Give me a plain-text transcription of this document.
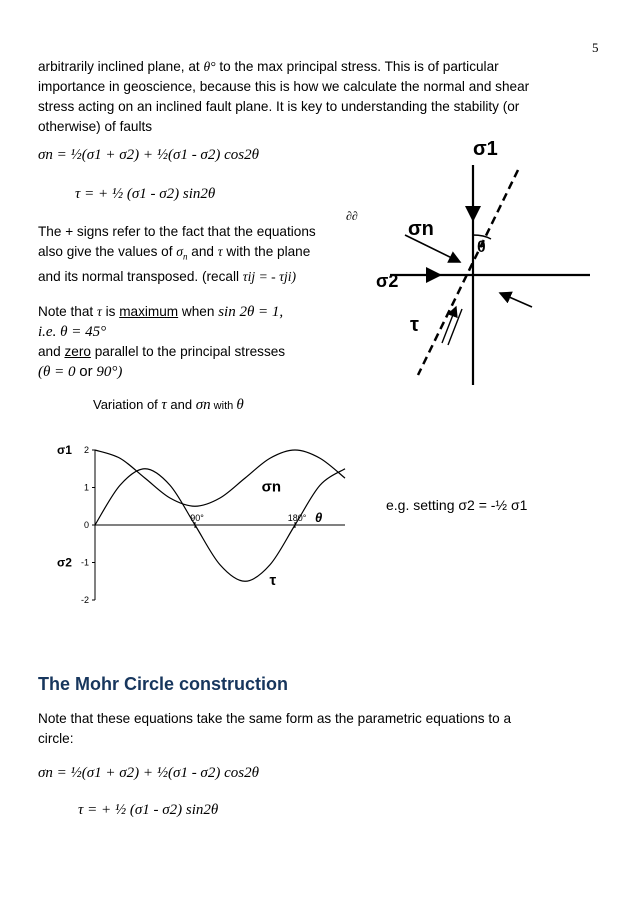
5
arbitrarily inclined plane, at θ° to the max principal stress. This is of particular
importance in geoscience, because this is how we calculate the normal and shear
stress acting on an inclined fault plane. It is key to understanding the stability (or
otherwise) of faults
σn = ½(σ1 + σ2) + ½(σ1 - σ2) cos2θ
τ = + ½ (σ1 - σ2) sin2θ
∂∂
The + signs refer to the fact that the equations
also give the values of $\sigma_n$ and τ with the plane
and its normal transposed. (recall τij = - τji)
Note that τ is maximum when sin 2θ = 1,
i.e. θ = 45°
and zero parallel to the principal stresses
(θ = 0 or 90°)
σ1
σn
θ
σ2
τ
Variation of τ and σn with θ
2
1
0
-1
-2
σ1
σ2
90°	180° θ
σn
τ
e.g. setting σ2 = -½ σ1
The Mohr Circle construction
Note that these equations take the same form as the parametric equations to a
circle:
σn = ½(σ1 + σ2) + ½(σ1 - σ2) cos2θ
τ = + ½ (σ1 - σ2) sin2θ
